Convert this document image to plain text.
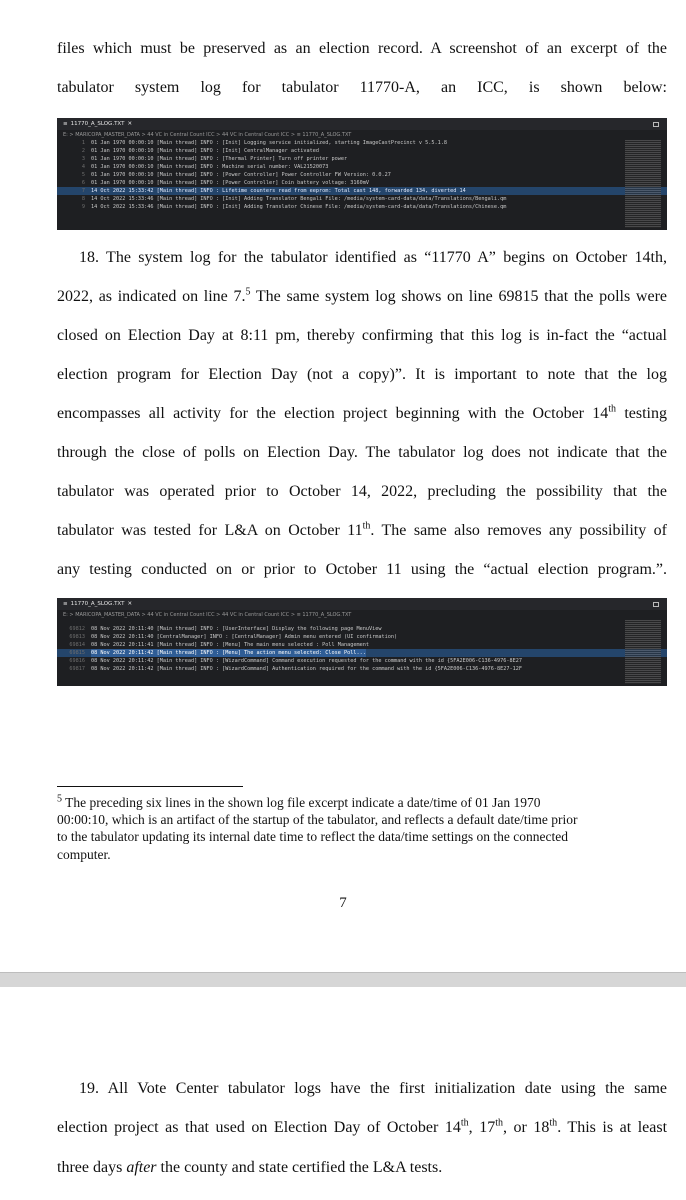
files which must be preserved as an election record. A screenshot of an excerpt of the
tabulator system log for tabulator 11770-A, an ICC, is shown below:
≡ 11770_A_SLOG.TXT ✕
E: > MARICOPA_MASTER_DATA > 44 VC in Central Count ICC > 44 VC in Central Count ICC > ≡ 11770_A_SLOG.TXT
1	01 Jan 1970 00:00:10 [Main thread] INFO : [Init] Logging service initialized, starting ImageCastPrecinct v 5.5.1.8
2	01 Jan 1970 00:00:10 [Main thread] INFO : [Init] CentralManager activated
3	01 Jan 1970 00:00:10 [Main thread] INFO : [Thermal Printer] Turn off printer power
4	01 Jan 1970 00:00:10 [Main thread] INFO : Machine serial number: VAL21520073
5	01 Jan 1970 00:00:10 [Main thread] INFO : [Power Controller] Power Controller FW Version: 0.0.27
6	01 Jan 1970 00:00:10 [Main thread] INFO : [Power Controller] Coin battery voltage: 3160mV
7	14 Oct 2022 15:33:42 [Main thread] INFO : Lifetime counters read from eeprom: Total cast 148, forwarded 134, diverted 14
8	14 Oct 2022 15:33:46 [Main thread] INFO : [Init] Adding Translator Bengali File: /media/system-card-data/data/Translations/Bengali.qm
9	14 Oct 2022 15:33:46 [Main thread] INFO : [Init] Adding Translator Chinese File: /media/system-card-data/data/Translations/Chinese.qm
18. The system log for the tabulator identified as “11770 A” begins on October 14th,
2022, as indicated on line 7.$^5$ The same system log shows on line 69815 that the polls were
closed on Election Day at 8:11 pm, thereby confirming that this log is in-fact the “actual
election program for Election Day (not a copy)”. It is important to note that the log
encompasses all activity for the election project beginning with the October 14th testing
through the close of polls on Election Day. The tabulator log does not indicate that the
tabulator was operated prior to October 14, 2022, precluding the possibility that the
tabulator was tested for L&A on October 11th. The same also removes any possibility of
any testing conducted on or prior to October 11 using the “actual election program.”.
≡ 11770_A_SLOG.TXT ✕
E: > MARICOPA_MASTER_DATA > 44 VC in Central Count ICC > 44 VC in Central Count ICC > ≡ 11770_A_SLOG.TXT
69812	08 Nov 2022 20:11:40 [Main thread] INFO : [UserInterface] Display the following page MenuView
69813	08 Nov 2022 20:11:40 [CentralManager] INFO : [CentralManager] Admin menu entered (UI confirmation)
69814	08 Nov 2022 20:11:41 [Main thread] INFO : [Menu] The main menu selected : Poll Management
69815	08 Nov 2022 20:11:42 [Main thread] INFO : [Menu] The action menu selected: Close Poll...
69816	08 Nov 2022 20:11:42 [Main thread] INFO : [WizardCommand] Command execution requested for the command with the id {5FA2E006-C136-4976-8E27
69817	08 Nov 2022 20:11:42 [Main thread] INFO : [WizardCommand] Authentication required for the command with the id {5FA2E006-C136-4976-8E27-12F
$^5$ The preceding six lines in the shown log file excerpt indicate a date/time of 01 Jan 1970
00:00:10, which is an artifact of the startup of the tabulator, and reflects a default date/time prior
to the tabulator updating its internal date time to reflect the data/time settings on the connected
computer.
7
19. All Vote Center tabulator logs have the first initialization date using the same
election project as that used on Election Day of October 14th, 17th, or 18th. This is at least
three days after the county and state certified the L&A tests.
